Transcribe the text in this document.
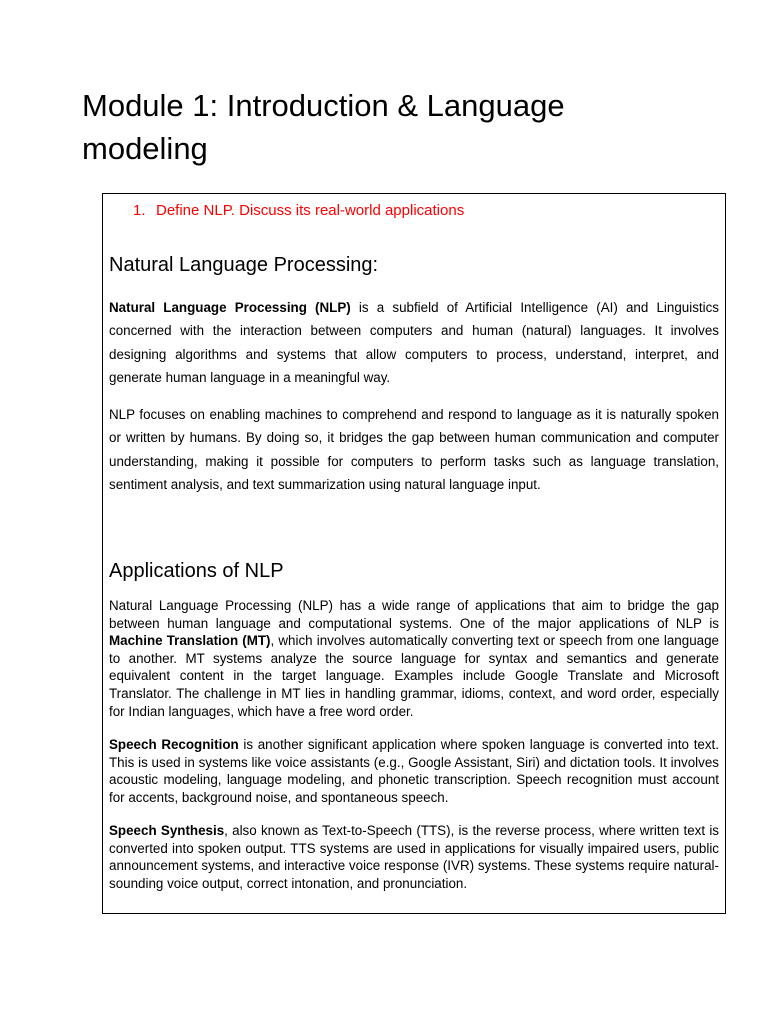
Module 1: Introduction & Language modeling
1. Define NLP. Discuss its real-world applications
Natural Language Processing:

Natural Language Processing (NLP) is a subfield of Artificial Intelligence (AI) and Linguistics concerned with the interaction between computers and human (natural) languages. It involves designing algorithms and systems that allow computers to process, understand, interpret, and generate human language in a meaningful way.

NLP focuses on enabling machines to comprehend and respond to language as it is naturally spoken or written by humans. By doing so, it bridges the gap between human communication and computer understanding, making it possible for computers to perform tasks such as language translation, sentiment analysis, and text summarization using natural language input.

Applications of NLP

Natural Language Processing (NLP) has a wide range of applications that aim to bridge the gap between human language and computational systems. One of the major applications of NLP is Machine Translation (MT), which involves automatically converting text or speech from one language to another. MT systems analyze the source language for syntax and semantics and generate equivalent content in the target language. Examples include Google Translate and Microsoft Translator. The challenge in MT lies in handling grammar, idioms, context, and word order, especially for Indian languages, which have a free word order.

Speech Recognition is another significant application where spoken language is converted into text. This is used in systems like voice assistants (e.g., Google Assistant, Siri) and dictation tools. It involves acoustic modeling, language modeling, and phonetic transcription. Speech recognition must account for accents, background noise, and spontaneous speech.

Speech Synthesis, also known as Text-to-Speech (TTS), is the reverse process, where written text is converted into spoken output. TTS systems are used in applications for visually impaired users, public announcement systems, and interactive voice response (IVR) systems. These systems require natural-sounding voice output, correct intonation, and pronunciation.
